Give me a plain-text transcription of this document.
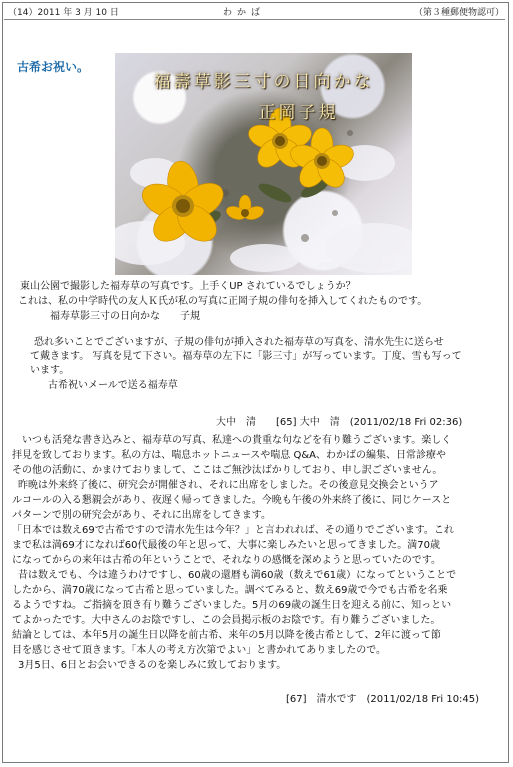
（14）2011 年 3 月 10 日	わかば	（第３種郵便物認可）
古希お祝い。
福壽草影三寸の日向かな
正岡子規
Photo by Kiyoshi Oonaka
東山公園で撮影した福寿草の写真です。上手くUP されているでしょうか？
これは、私の中学時代の友人Ｋ氏が私の写真に正岡子規の俳句を挿入してくれたものです。
福寿草影三寸の日向かな　　子規
恐れ多いことでございますが、子規の俳句が挿入された福寿草の写真を、清水先生に送らせ
て戴きます。 写真を見て下さい。福寿草の左下に「影三寸」が写っています。丁度、雪も写って
います。
古希祝いメールで送る福寿草
大中　清　　[65] 大中　清　(2011/02/18 Fri 02:36)
いつも活発な書き込みと、福寿草の写真、私達への貴重な句などを有り難うございます。楽しく
拝見を致しております。私の方は、喘息ホットニュースや喘息 Q&A、わかばの編集、日常診療や
その他の活動に、かまけておりまして、ここはご無沙汰ばかりしており、申し訳ございません。
昨晩は外来終了後に、研究会が開催され、それに出席をしました。その後意見交換会というア
ルコールの入る懇親会があり、夜遅く帰ってきました。今晩も午後の外来終了後に、同じケースと
パターンで別の研究会があり、それに出席をしてきます。
「日本では数え69で古希ですので清水先生は今年？」と言われれば、その通りでございます。これ
まで私は満69才になれば60代最後の年と思って、大事に楽しみたいと思ってきました。満70歳
になってからの来年は古希の年ということで、それなりの感慨を深めようと思っていたのです。
昔は数えでも、今は違うわけですし、60歳の還暦も満60歳（数えで61歳）になってということで
したから、満70歳になって古希と思っていました。調べてみると、数え69歳で今でも古希を名乗
るようですね。ご指摘を頂き有り難うございました。5月の69歳の誕生日を迎える前に、知っとい
てよかったです。大中さんのお陰ですし、この会員掲示板のお陰です。有り難うございました。
結論としては、本年5月の誕生日以降を前古希、来年の5月以降を後古希として、2年に渡って節
目を感じさせて頂きます。「本人の考え方次第でよい」と書かれてありましたので。
3月5日、6日とお会いできるのを楽しみに致しております。
[67]　清水です　(2011/02/18 Fri 10:45)
